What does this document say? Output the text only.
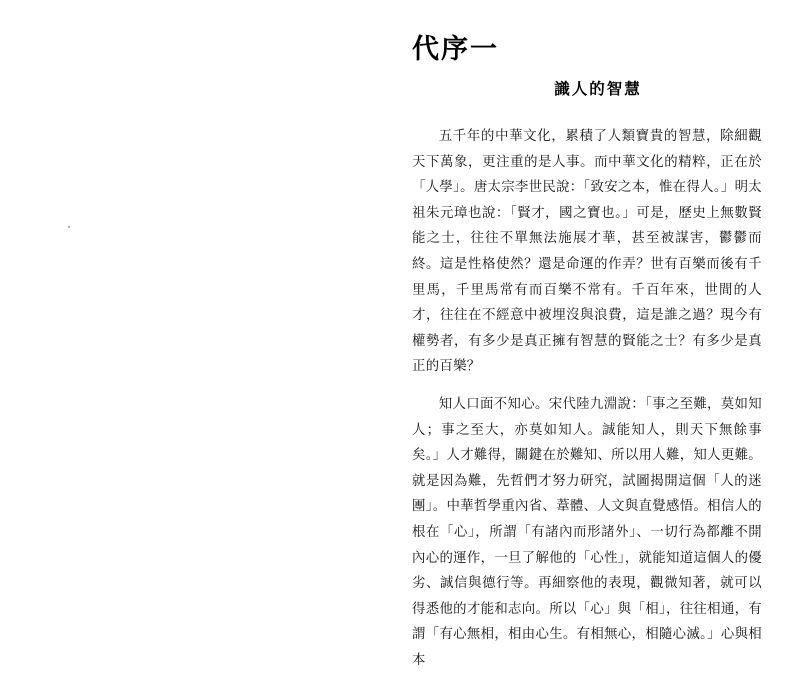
代序一
識人的智慧

五千年的中華文化，累積了人類寶貴的智慧，除細觀天下萬象，更注重的是人事。而中華文化的精粹，正在於「人學」。唐太宗李世民說：「致安之本，惟在得人。」明太祖朱元璋也說：「賢才，國之寶也。」可是，歷史上無數賢能之士，往往不單無法施展才華，甚至被謀害，鬱鬱而終。這是性格使然？還是命運的作弄？世有百樂而後有千里馬，千里馬常有而百樂不常有。千百年來，世間的人才，往往在不經意中被埋沒與浪費，這是誰之過？現今有權勢者，有多少是真正擁有智慧的賢能之士？有多少是真正的百樂？

知人口面不知心。宋代陸九淵說：「事之至難，莫如知人；事之至大，亦莫如知人。誠能知人，則天下無餘事矣。」人才難得，關鍵在於難知、所以用人難，知人更難。就是因為難，先哲們才努力研究，試圖揭開這個「人的迷團」。中華哲學重內省、葦體、人文與直覺感悟。相信人的根在「心」，所謂「有諸內而形諸外」、一切行為都離不開內心的運作，一旦了解他的「心性」，就能知道這個人的優劣、誠信與德行等。再細察他的表現，觀微知著，就可以得悉他的才能和志向。所以「心」與「相」，往往相通，有謂「有心無相，相由心生。有相無心，相隨心滅。」心與相本
